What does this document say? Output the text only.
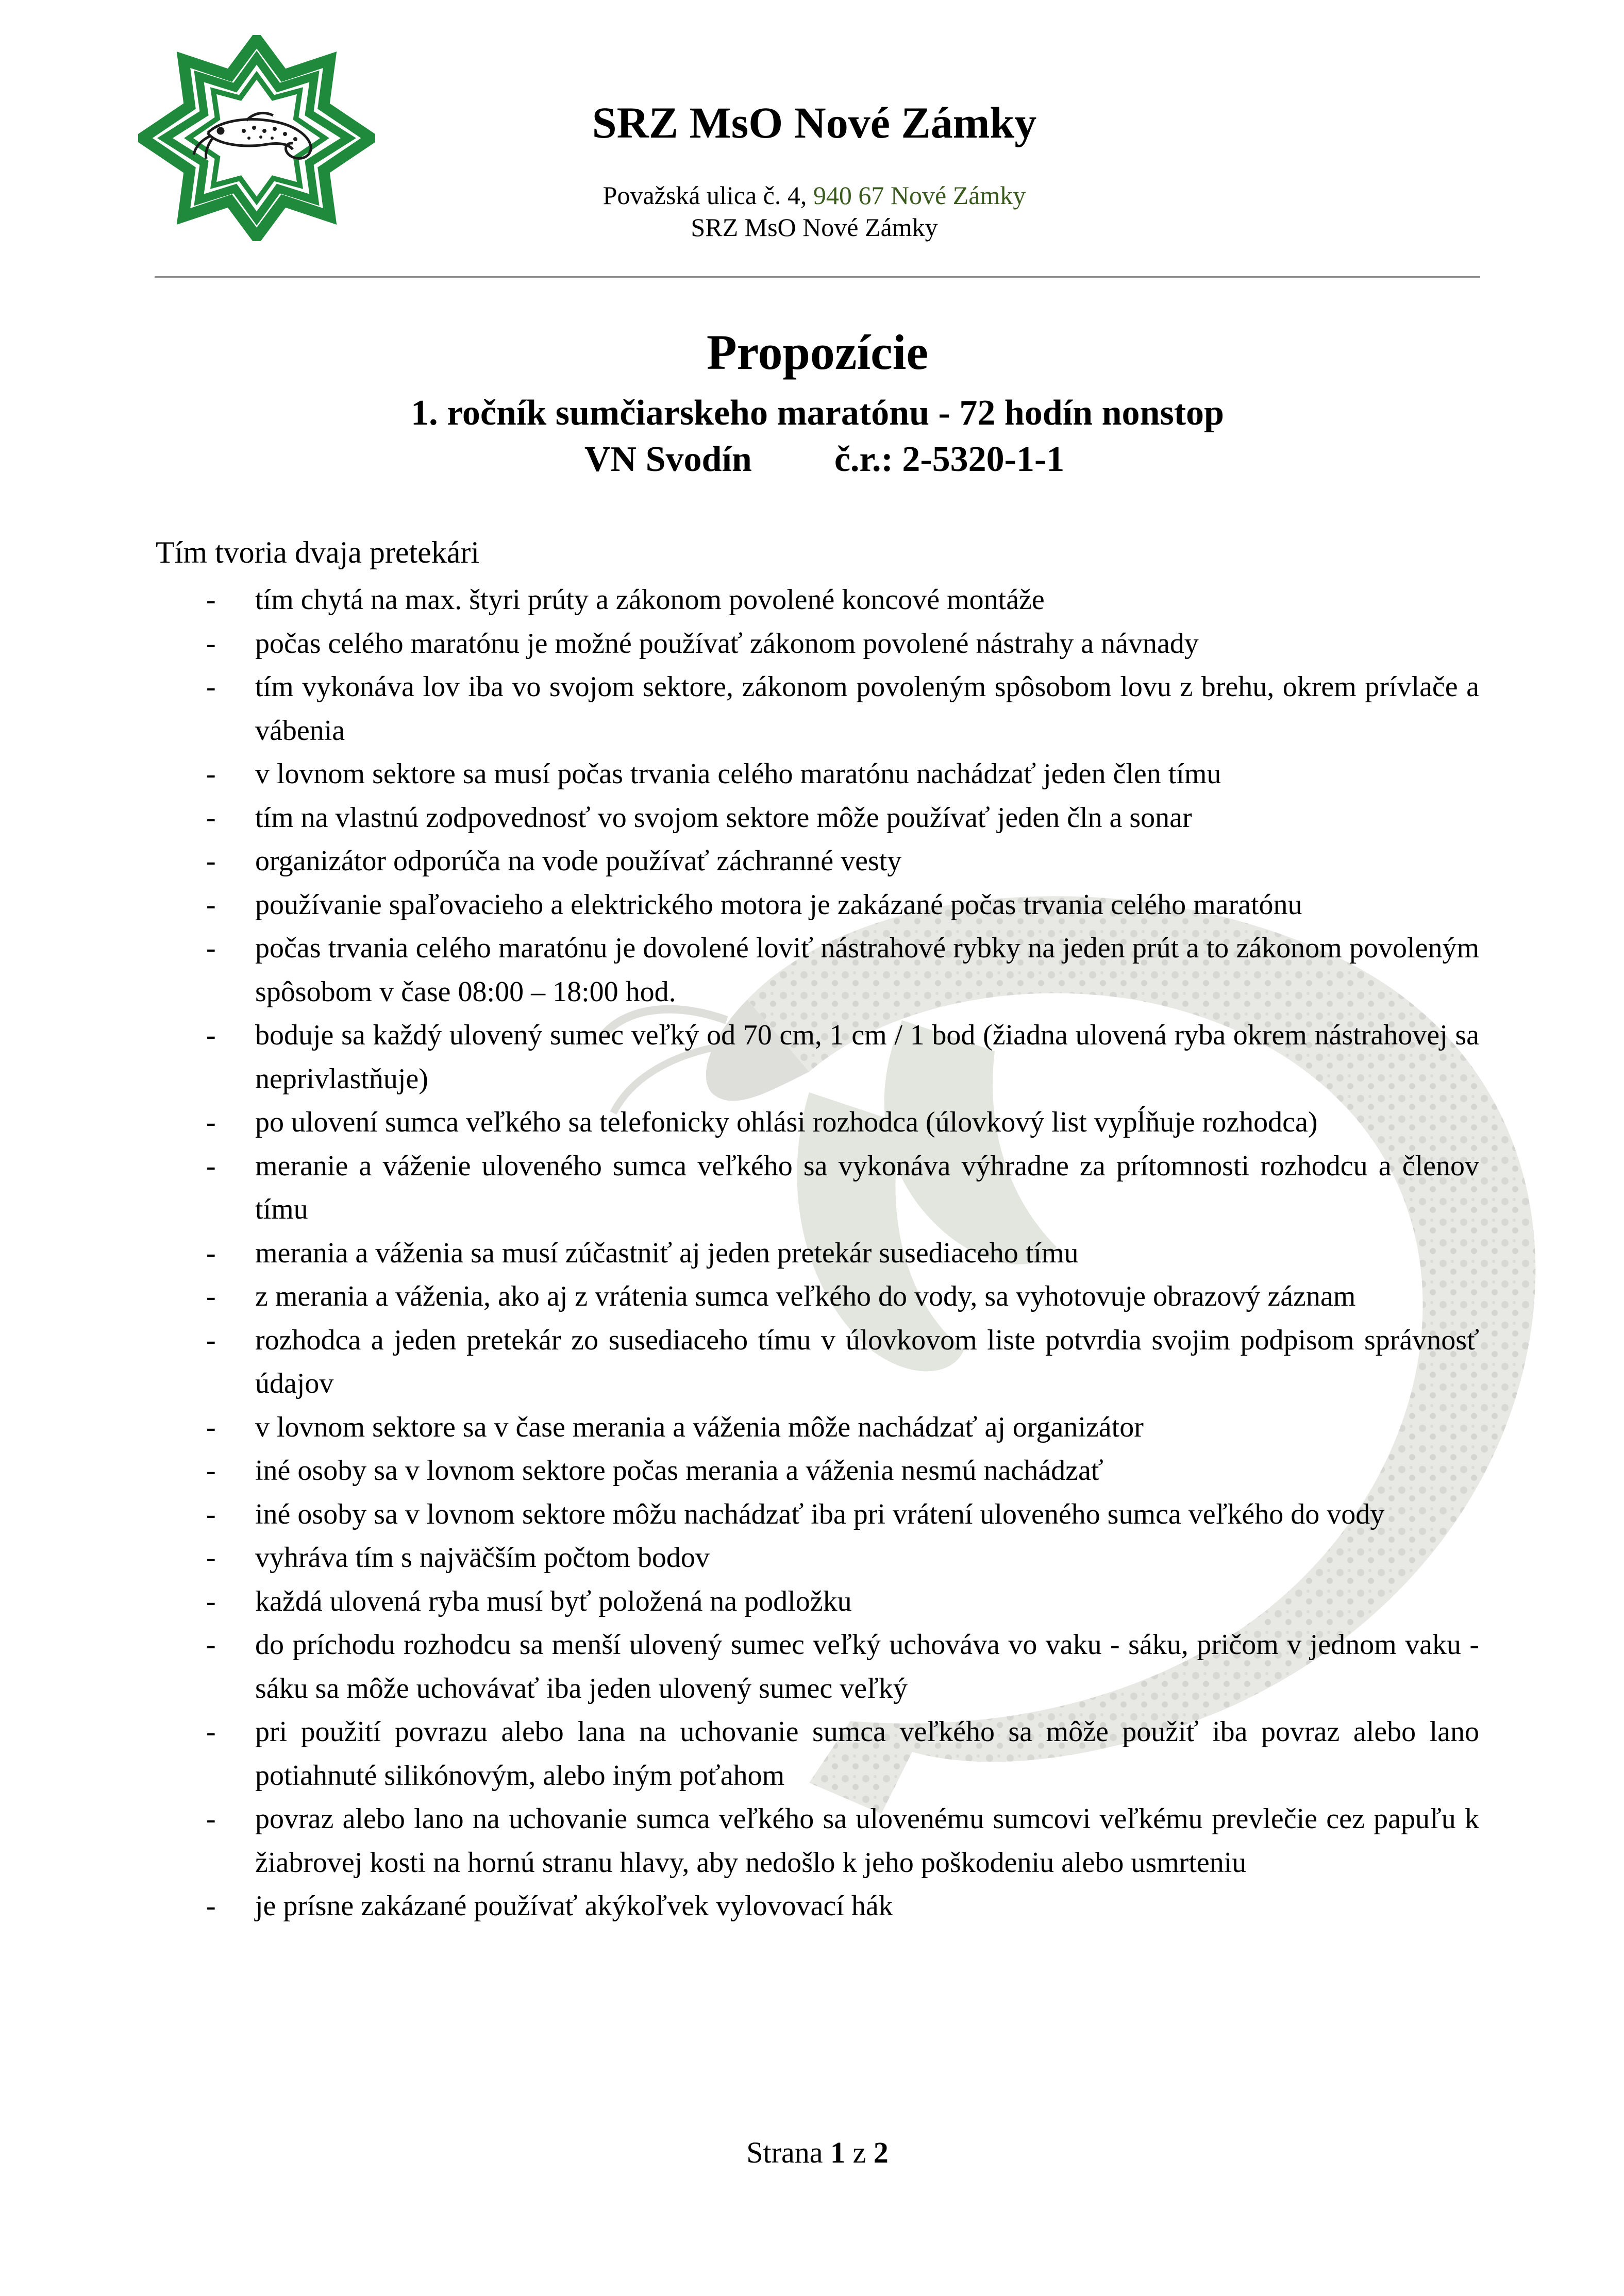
SRZ MsO Nové Zámky
Považská ulica č. 4, 940 67 Nové Zámky
SRZ MsO Nové Zámky
Propozície
1. ročník sumčiarskeho maratónu - 72 hodín nonstop
VN Svodín č.r.: 2-5320-1-1
Tím tvoria dvaja pretekári
- tím chytá na max. štyri prúty a zákonom povolené koncové montáže
- počas celého maratónu je možné používať zákonom povolené nástrahy a návnady
- tím vykonáva lov iba vo svojom sektore, zákonom povoleným spôsobom lovu z brehu, okrem prívlače a vábenia
- v lovnom sektore sa musí počas trvania celého maratónu nachádzať jeden člen tímu
- tím na vlastnú zodpovednosť vo svojom sektore môže používať jeden čln a sonar
- organizátor odporúča na vode používať záchranné vesty
- používanie spaľovacieho a elektrického motora je zakázané počas trvania celého maratónu
- počas trvania celého maratónu je dovolené loviť nástrahové rybky na jeden prút a to zákonom povoleným spôsobom v čase 08:00 – 18:00 hod.
- boduje sa každý ulovený sumec veľký od 70 cm, 1 cm / 1 bod (žiadna ulovená ryba okrem nástrahovej sa neprivlastňuje)
- po ulovení sumca veľkého sa telefonicky ohlási rozhodca (úlovkový list vypĺňuje rozhodca)
- meranie a váženie uloveného sumca veľkého sa vykonáva výhradne za prítomnosti rozhodcu a členov tímu
- merania a váženia sa musí zúčastniť aj jeden pretekár susediaceho tímu
- z merania a váženia, ako aj z vrátenia sumca veľkého do vody, sa vyhotovuje obrazový záznam
- rozhodca a jeden pretekár zo susediaceho tímu v úlovkovom liste potvrdia svojim podpisom správnosť údajov
- v lovnom sektore sa v čase merania a váženia môže nachádzať aj organizátor
- iné osoby sa v lovnom sektore počas merania a váženia nesmú nachádzať
- iné osoby sa v lovnom sektore môžu nachádzať iba pri vrátení uloveného sumca veľkého do vody
- vyhráva tím s najväčším počtom bodov
- každá ulovená ryba musí byť položená na podložku
- do príchodu rozhodcu sa menší ulovený sumec veľký uchováva vo vaku - sáku, pričom v jednom vaku - sáku sa môže uchovávať iba jeden ulovený sumec veľký
- pri použití povrazu alebo lana na uchovanie sumca veľkého sa môže použiť iba povraz alebo lano potiahnuté silikónovým, alebo iným poťahom
- povraz alebo lano na uchovanie sumca veľkého sa ulovenému sumcovi veľkému prevlečie cez papuľu k žiabrovej kosti na hornú stranu hlavy, aby nedošlo k jeho poškodeniu alebo usmrteniu
- je prísne zakázané používať akýkoľvek vylovovací hák
Strana 1 z 2
